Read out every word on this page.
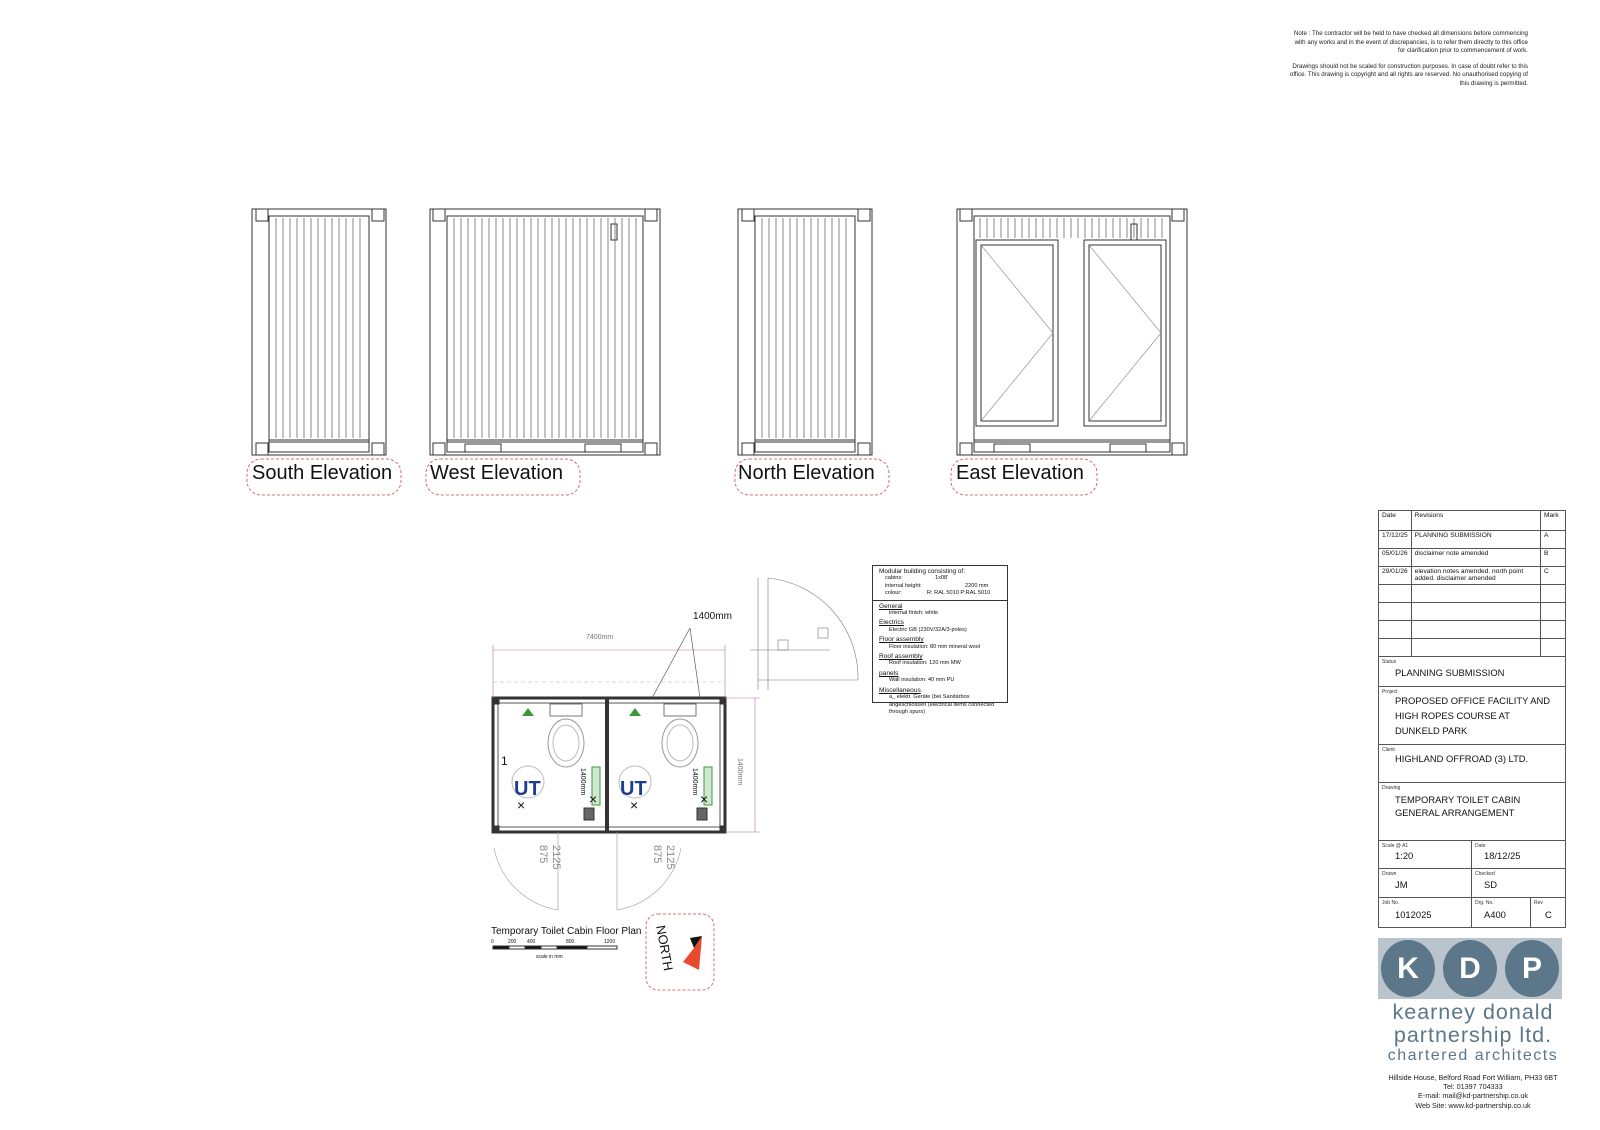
Note : The contractor will be held to have checked all dimensions before commencing with any works and in the event of discrepancies, is to refer them directly to this office for clarification prior to commencement of work.

Drawings should not be scaled for construction purposes. In case of doubt refer to this office. This drawing is copyright and all rights are reserved. No unauthorised copying of this drawing is permitted.

UT	UT
×	× ×	×
South Elevation West Elevation	North Elevation	East Elevation
7400mm
1400mm
1400mm
1400mm	1400mm
875 2125	875 2125
1
Temporary Toilet Cabin Floor Plan
0	200 400	800	1200
scale in mm	NORTH
Modular building consisting of:
cabins:	1x08'
internal height:	2200 mm
colour:	R: RAL 5010 P:RAL 5010
General
internal finish: white
Electrics
Electric GB (230V/32A/3-poles)
Floor assembly
Floor insulation: 80 mm mineral wool
Roof assembly
Roof insulation: 120 mm MW
panels
Wall insulation: 40 mm PU
Miscellaneous
a_ elektr. Geräte (bei Sanitärbox angeschlossen (electrical items connected through spurs)
Date	Revisions	Mark
17/12/25	PLANNING SUBMISSION	A
05/01/26	disclaimer note amended	B
29/01/26	elevation notes amended. north point added. disclaimer amended	C

Status
PLANNING SUBMISSION
Project
PROPOSED OFFICE FACILITY AND
HIGH ROPES COURSE AT
DUNKELD PARK
Client
HIGHLAND OFFROAD (3) LTD.
Drawing
TEMPORARY TOILET CABIN
GENERAL ARRANGEMENT
Scale @ A1
1:20
Date
18/12/25
Drawn
JM
Checked
SD
Job No.
1012025
Drg. No.
A400
Rev
C
K	D	P
kearney donald
partnership ltd.
chartered architects
Hillside House, Belford Road Fort William, PH33 6BT
Tel: 01397 704333
E-mail: mail@kd-partnership.co.uk
Web Site: www.kd-partnership.co.uk
